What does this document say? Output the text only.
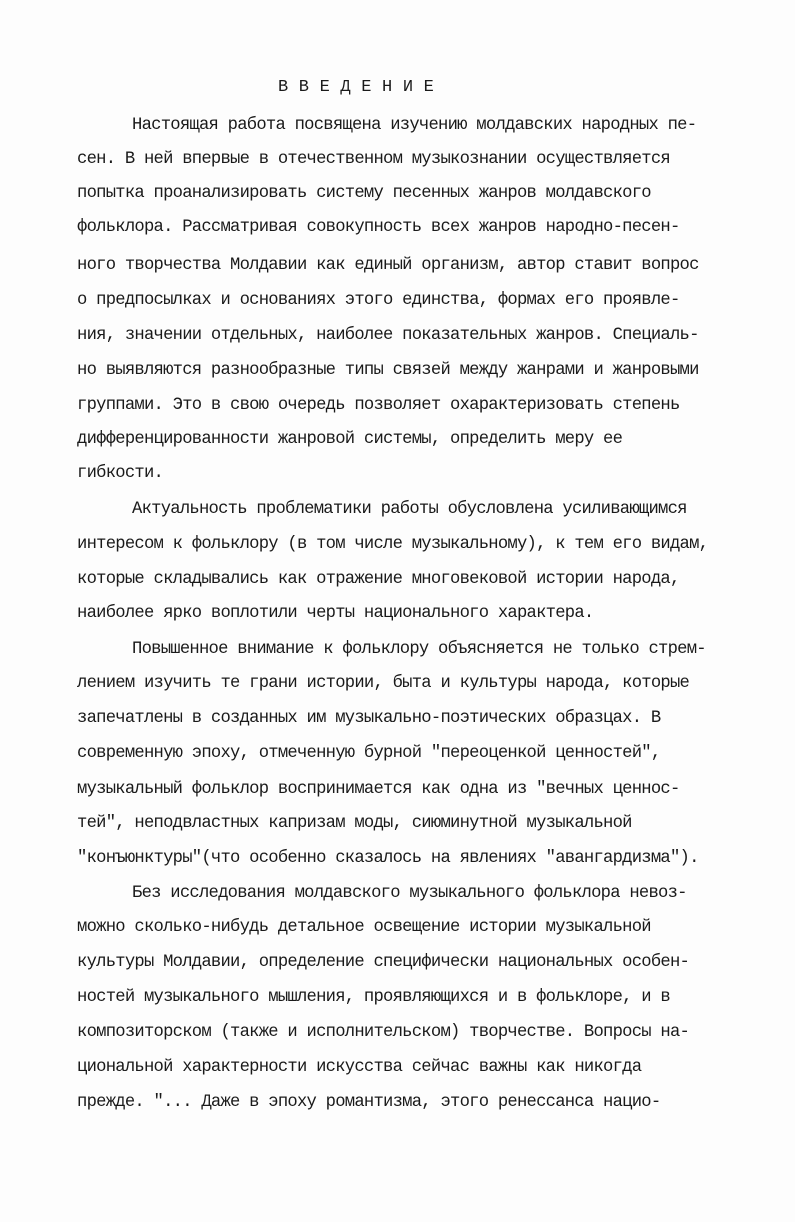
В В Е Д Е Н И Е
Настоящая работа посвящена изучению молдавских народных пе-
сен. В ней впервые в отечественном музыкознании осуществляется
попытка проанализировать систему песенных жанров молдавского
фольклора. Рассматривая совокупность всех жанров народно-песен-
ного творчества Молдавии как единый организм, автор ставит вопрос
о предпосылках и основаниях этого единства, формах его проявле-
ния, значении отдельных, наиболее показательных жанров. Специаль-
но выявляются разнообразные типы связей между жанрами и жанровыми
группами. Это в свою очередь позволяет охарактеризовать степень
дифференцированности жанровой системы, определить меру ее
гибкости.
Актуальность проблематики работы обусловлена усиливающимся
интересом к фольклору (в том числе музыкальному), к тем его видам,
которые складывались как отражение многовековой истории народа,
наиболее ярко воплотили черты национального характера.
Повышенное внимание к фольклору объясняется не только стрем-
лением изучить те грани истории, быта и культуры народа, которые
запечатлены в созданных им музыкально-поэтических образцах. В
современную эпоху, отмеченную бурной "переоценкой ценностей",
музыкальный фольклор воспринимается как одна из "вечных ценнос-
тей", неподвластных капризам моды, сиюминутной музыкальной
"конъюнктуры"(что особенно сказалось на явлениях "авангардизма").
Без исследования молдавского музыкального фольклора невоз-
можно сколько-нибудь детальное освещение истории музыкальной
культуры Молдавии, определение специфически национальных особен-
ностей музыкального мышления, проявляющихся и в фольклоре, и в
композиторском (также и исполнительском) творчестве. Вопросы на-
циональной характерности искусства сейчас важны как никогда
прежде. "... Даже в эпоху романтизма, этого ренессанса нацио-
